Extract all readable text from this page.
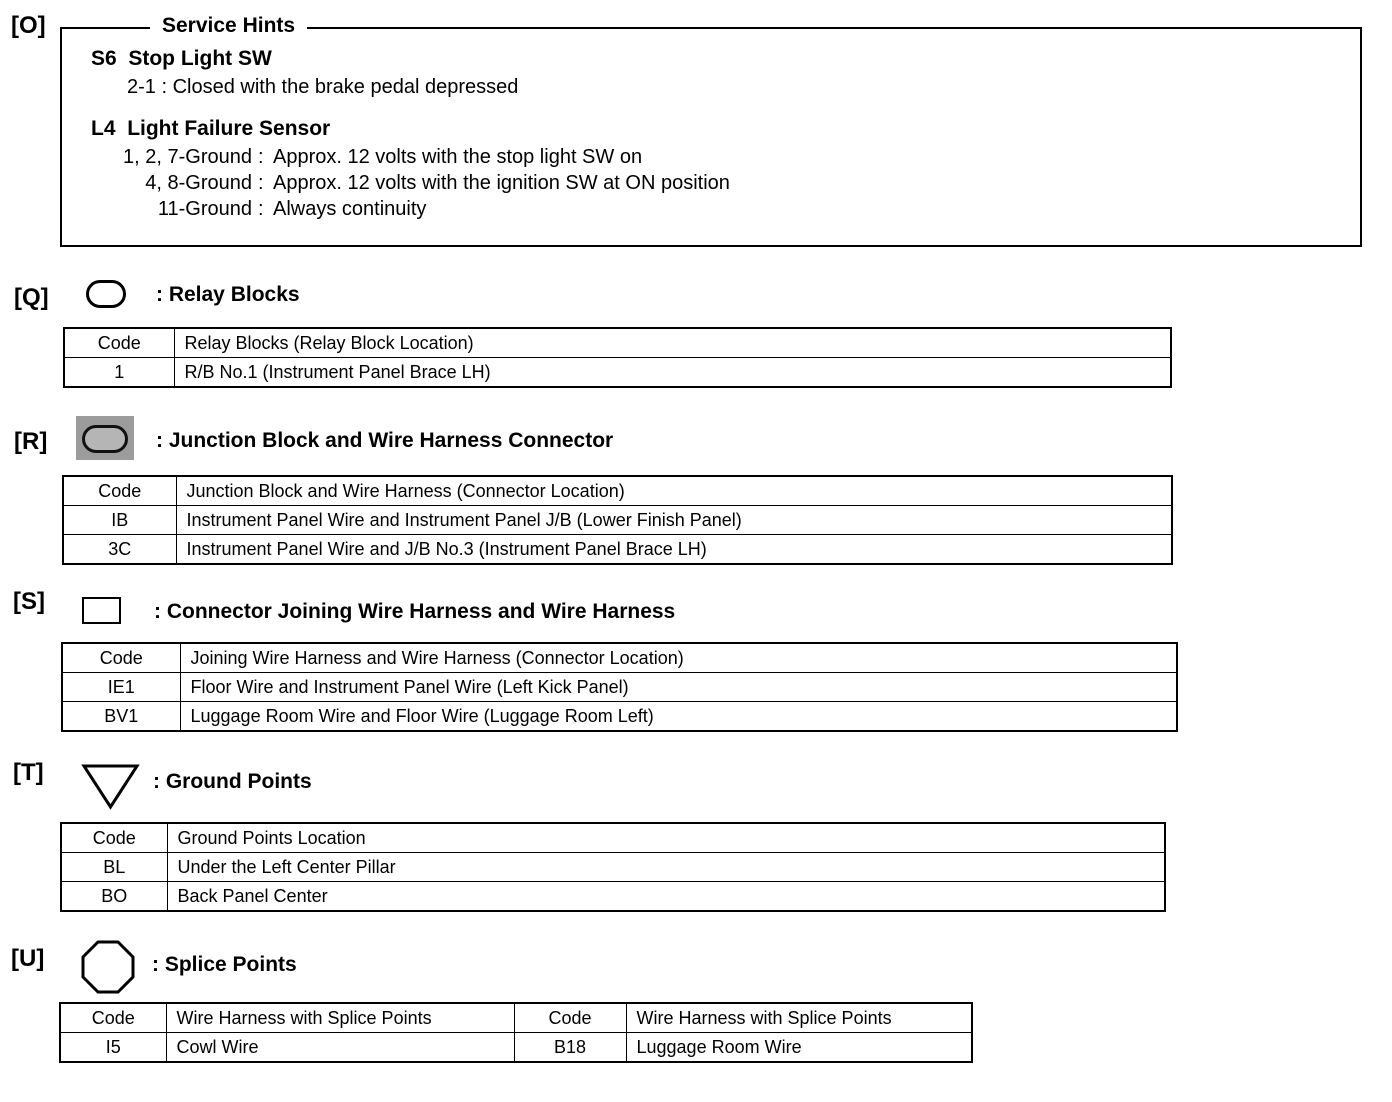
[O]	Service Hints
S6 Stop Light SW
2-1 : Closed with the brake pedal depressed
L4 Light Failure Sensor
1, 2, 7-Ground : Approx. 12 volts with the stop light SW on
4, 8-Ground : Approx. 12 volts with the ignition SW at ON position
11-Ground : Always continuity
[Q]	: Relay Blocks
Code	Relay Blocks (Relay Block Location)
1	R/B No.1 (Instrument Panel Brace LH)
[R]	: Junction Block and Wire Harness Connector
Code	Junction Block and Wire Harness (Connector Location)
IB	Instrument Panel Wire and Instrument Panel J/B (Lower Finish Panel)
3C	Instrument Panel Wire and J/B No.3 (Instrument Panel Brace LH)
[S]	: Connector Joining Wire Harness and Wire Harness
Code	Joining Wire Harness and Wire Harness (Connector Location)
IE1	Floor Wire and Instrument Panel Wire (Left Kick Panel)
BV1	Luggage Room Wire and Floor Wire (Luggage Room Left)
[T]	: Ground Points
Code	Ground Points Location
BL	Under the Left Center Pillar
BO	Back Panel Center
[U]	: Splice Points
Code	Wire Harness with Splice Points	Code	Wire Harness with Splice Points
I5	Cowl Wire	B18	Luggage Room Wire
